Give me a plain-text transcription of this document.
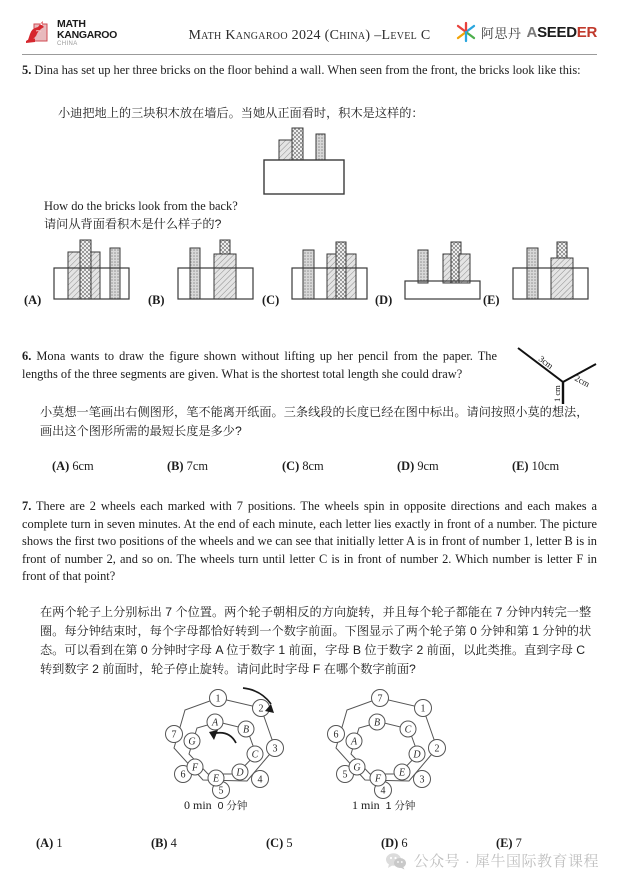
MATH
KANGAROO
CHINA
Math Kangaroo 2024 (China) –Level C	阿思丹 ASEEDER
5. Dina has set up her three bricks on the floor behind a wall. When seen from the front, the bricks look like this:
小迪把地上的三块积木放在墙后。当她从正面看时，积木是这样的：
How do the bricks look from the back?
请问从背面看积木是什么样子的?
(A)	(B)	(C)	(D)	(E)
6. Mona wants to draw the figure shown without lifting up her pencil from the paper. The lengths of the three segments are given. What is the shortest total length she could draw?
3cm
2cm
1 cm
小莫想一笔画出右侧图形，笔不能离开纸面。三条线段的长度已经在图中标出。请问按照小莫的想法，画出这个图形所需的最短长度是多少?
(A) 6cm	(B) 7cm	(C) 8cm	(D) 9cm	(E) 10cm
7. There are 2 wheels each marked with 7 positions. The wheels spin in opposite directions and each makes a complete turn in seven minutes. At the end of each minute, each letter lies exactly in front of a number. The picture shows the first two positions of the wheels and we can see that initially letter A is in front of number 1, letter B is in front of number 2, and so on. The wheels turn until letter C is in front of number 2. Which number is letter F in front of that point?
在两个轮子上分别标出 7 个位置。两个轮子朝相反的方向旋转，并且每个轮子都能在 7 分钟内转完一整圈。每分钟结束时，每个字母都恰好转到一个数字前面。下图显示了两个轮子第 0 分钟和第 1 分钟的状态。可以看到在第 0 分钟时字母 A 位于数字 1 前面，字母 B 位于数字 2 前面，以此类推。直到字母 C 转到数字 2 前面时，轮子停止旋转。请问此时字母 F 在哪个数字前面?
1
2
3
4
5
6
7
A
B
C
D
E
F
G
0 min 0 分钟
7
1
2
3
4
5
6
B
C
D
E
F
G
A
1 min 1 分钟
(A) 1	(B) 4	(C) 5	(D) 6	(E) 7
公众号 · 犀牛国际教育课程
